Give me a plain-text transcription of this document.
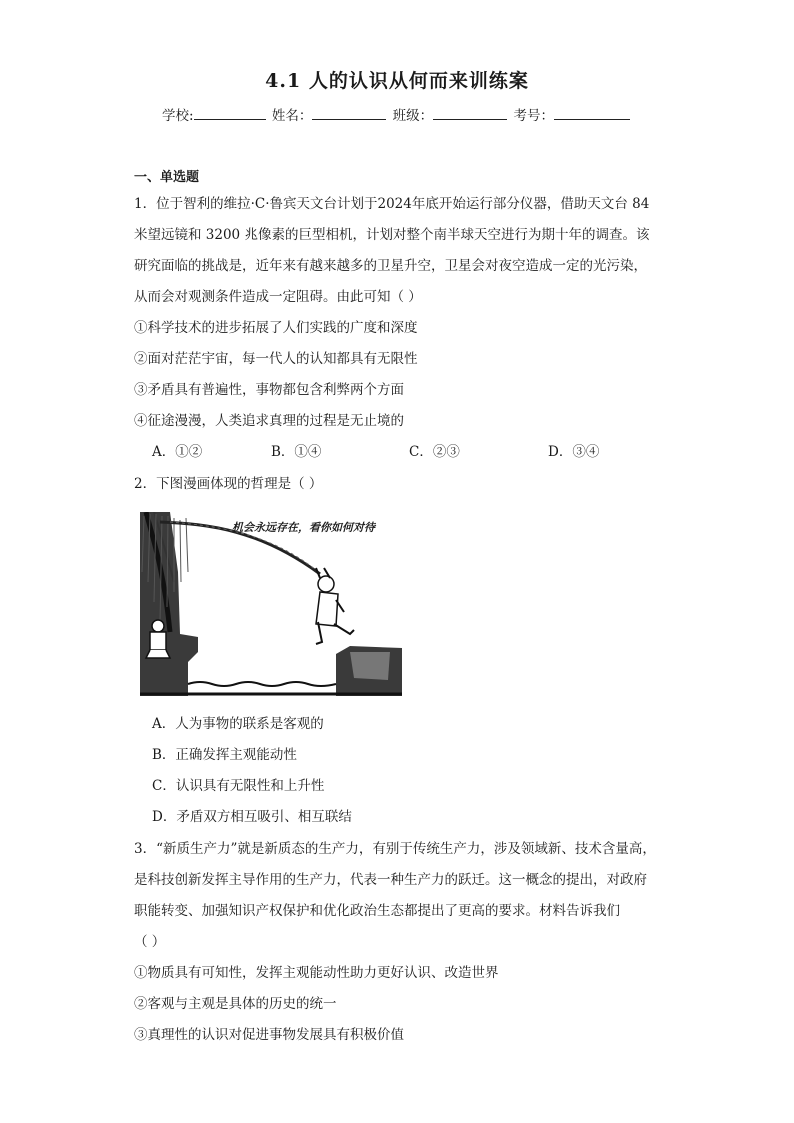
4.1 人的认识从何而来训练案
学校:	姓名：	班级：	考号：
一、单选题
1．位于智利的维拉·C·鲁宾天文台计划于2024年底开始运行部分仪器，借助天文台 84
米望远镜和 3200 兆像素的巨型相机，计划对整个南半球天空进行为期十年的调查。该
研究面临的挑战是，近年来有越来越多的卫星升空，卫星会对夜空造成一定的光污染，
从而会对观测条件造成一定阻碍。由此可知（ ）
①科学技术的进步拓展了人们实践的广度和深度
②面对茫茫宇宙，每一代人的认知都具有无限性
③矛盾具有普遍性，事物都包含利弊两个方面
④征途漫漫，人类追求真理的过程是无止境的
A．①②	B．①④	C．②③	D．③④
2．下图漫画体现的哲理是（ ）
机会永远存在，看你如何对待
A．人为事物的联系是客观的
B．正确发挥主观能动性
C．认识具有无限性和上升性
D．矛盾双方相互吸引、相互联结
3．“新质生产力”就是新质态的生产力，有别于传统生产力，涉及领域新、技术含量高，
是科技创新发挥主导作用的生产力，代表一种生产力的跃迁。这一概念的提出，对政府
职能转变、加强知识产权保护和优化政治生态都提出了更高的要求。材料告诉我们
（ ）
①物质具有可知性，发挥主观能动性助力更好认识、改造世界
②客观与主观是具体的历史的统一
③真理性的认识对促进事物发展具有积极价值
